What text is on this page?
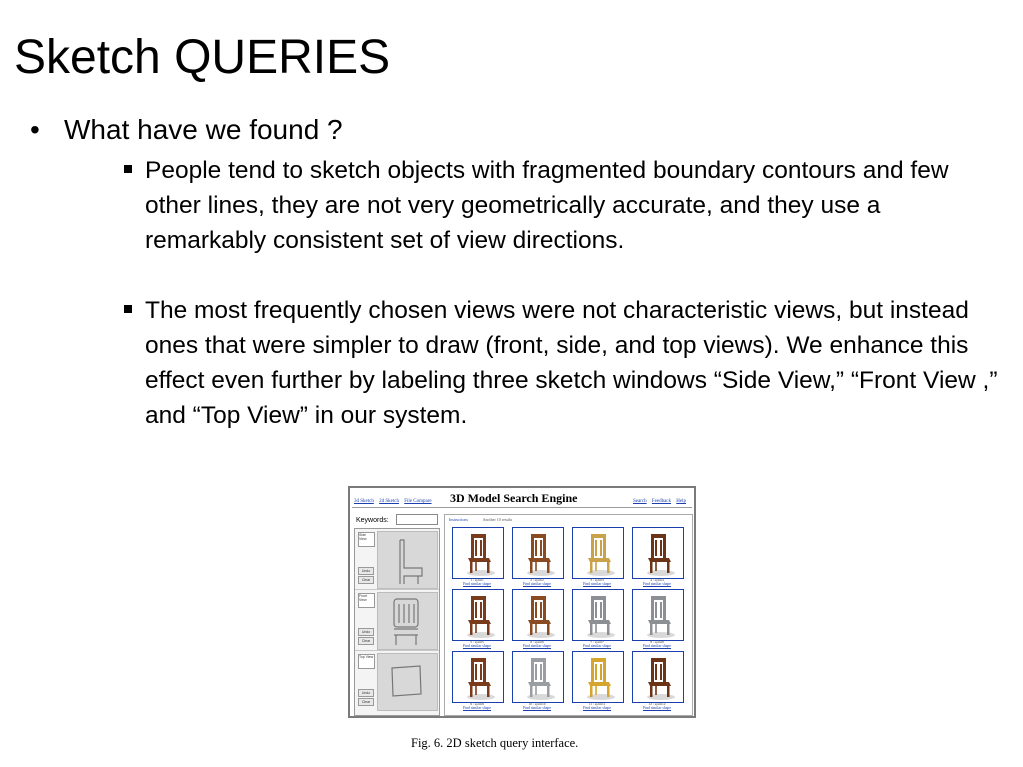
Sketch QUERIES
• What have we found ?
People tend to sketch objects with fragmented boundary contours and few other lines, they are not very geometrically accurate, and they use a remarkably consistent set of view directions.
The most frequently chosen views were not characteristic views, but instead ones that were simpler to draw (front, side, and top views). We enhance this effect even further by labeling three sketch windows “Side View,” “Front View ,” and “Top View” in our system.
3d Sketch 2d Sketch File Compare	3D Model Search Engine	Search Feedback Help
Keywords:
Side View
Undo
Clear
Front View
Undo
Clear
Top View
Undo
Clear
Instructions	Another 10 results
1 : spirit1
Find similar shape
2 : spirit2
Find similar shape
3 : spirit3
Find similar shape
4 : spirit4
Find similar shape
5 : spirit5
Find similar shape
6 : spirit6
Find similar shape
7 : spirit7
Find similar shape
8 : spirit8
Find similar shape
9 : spirit9
Find similar shape
10 : spirit10
Find similar shape
11 : spirit11
Find similar shape
12 : spirit12
Find similar shape
Fig. 6. 2D sketch query interface.
